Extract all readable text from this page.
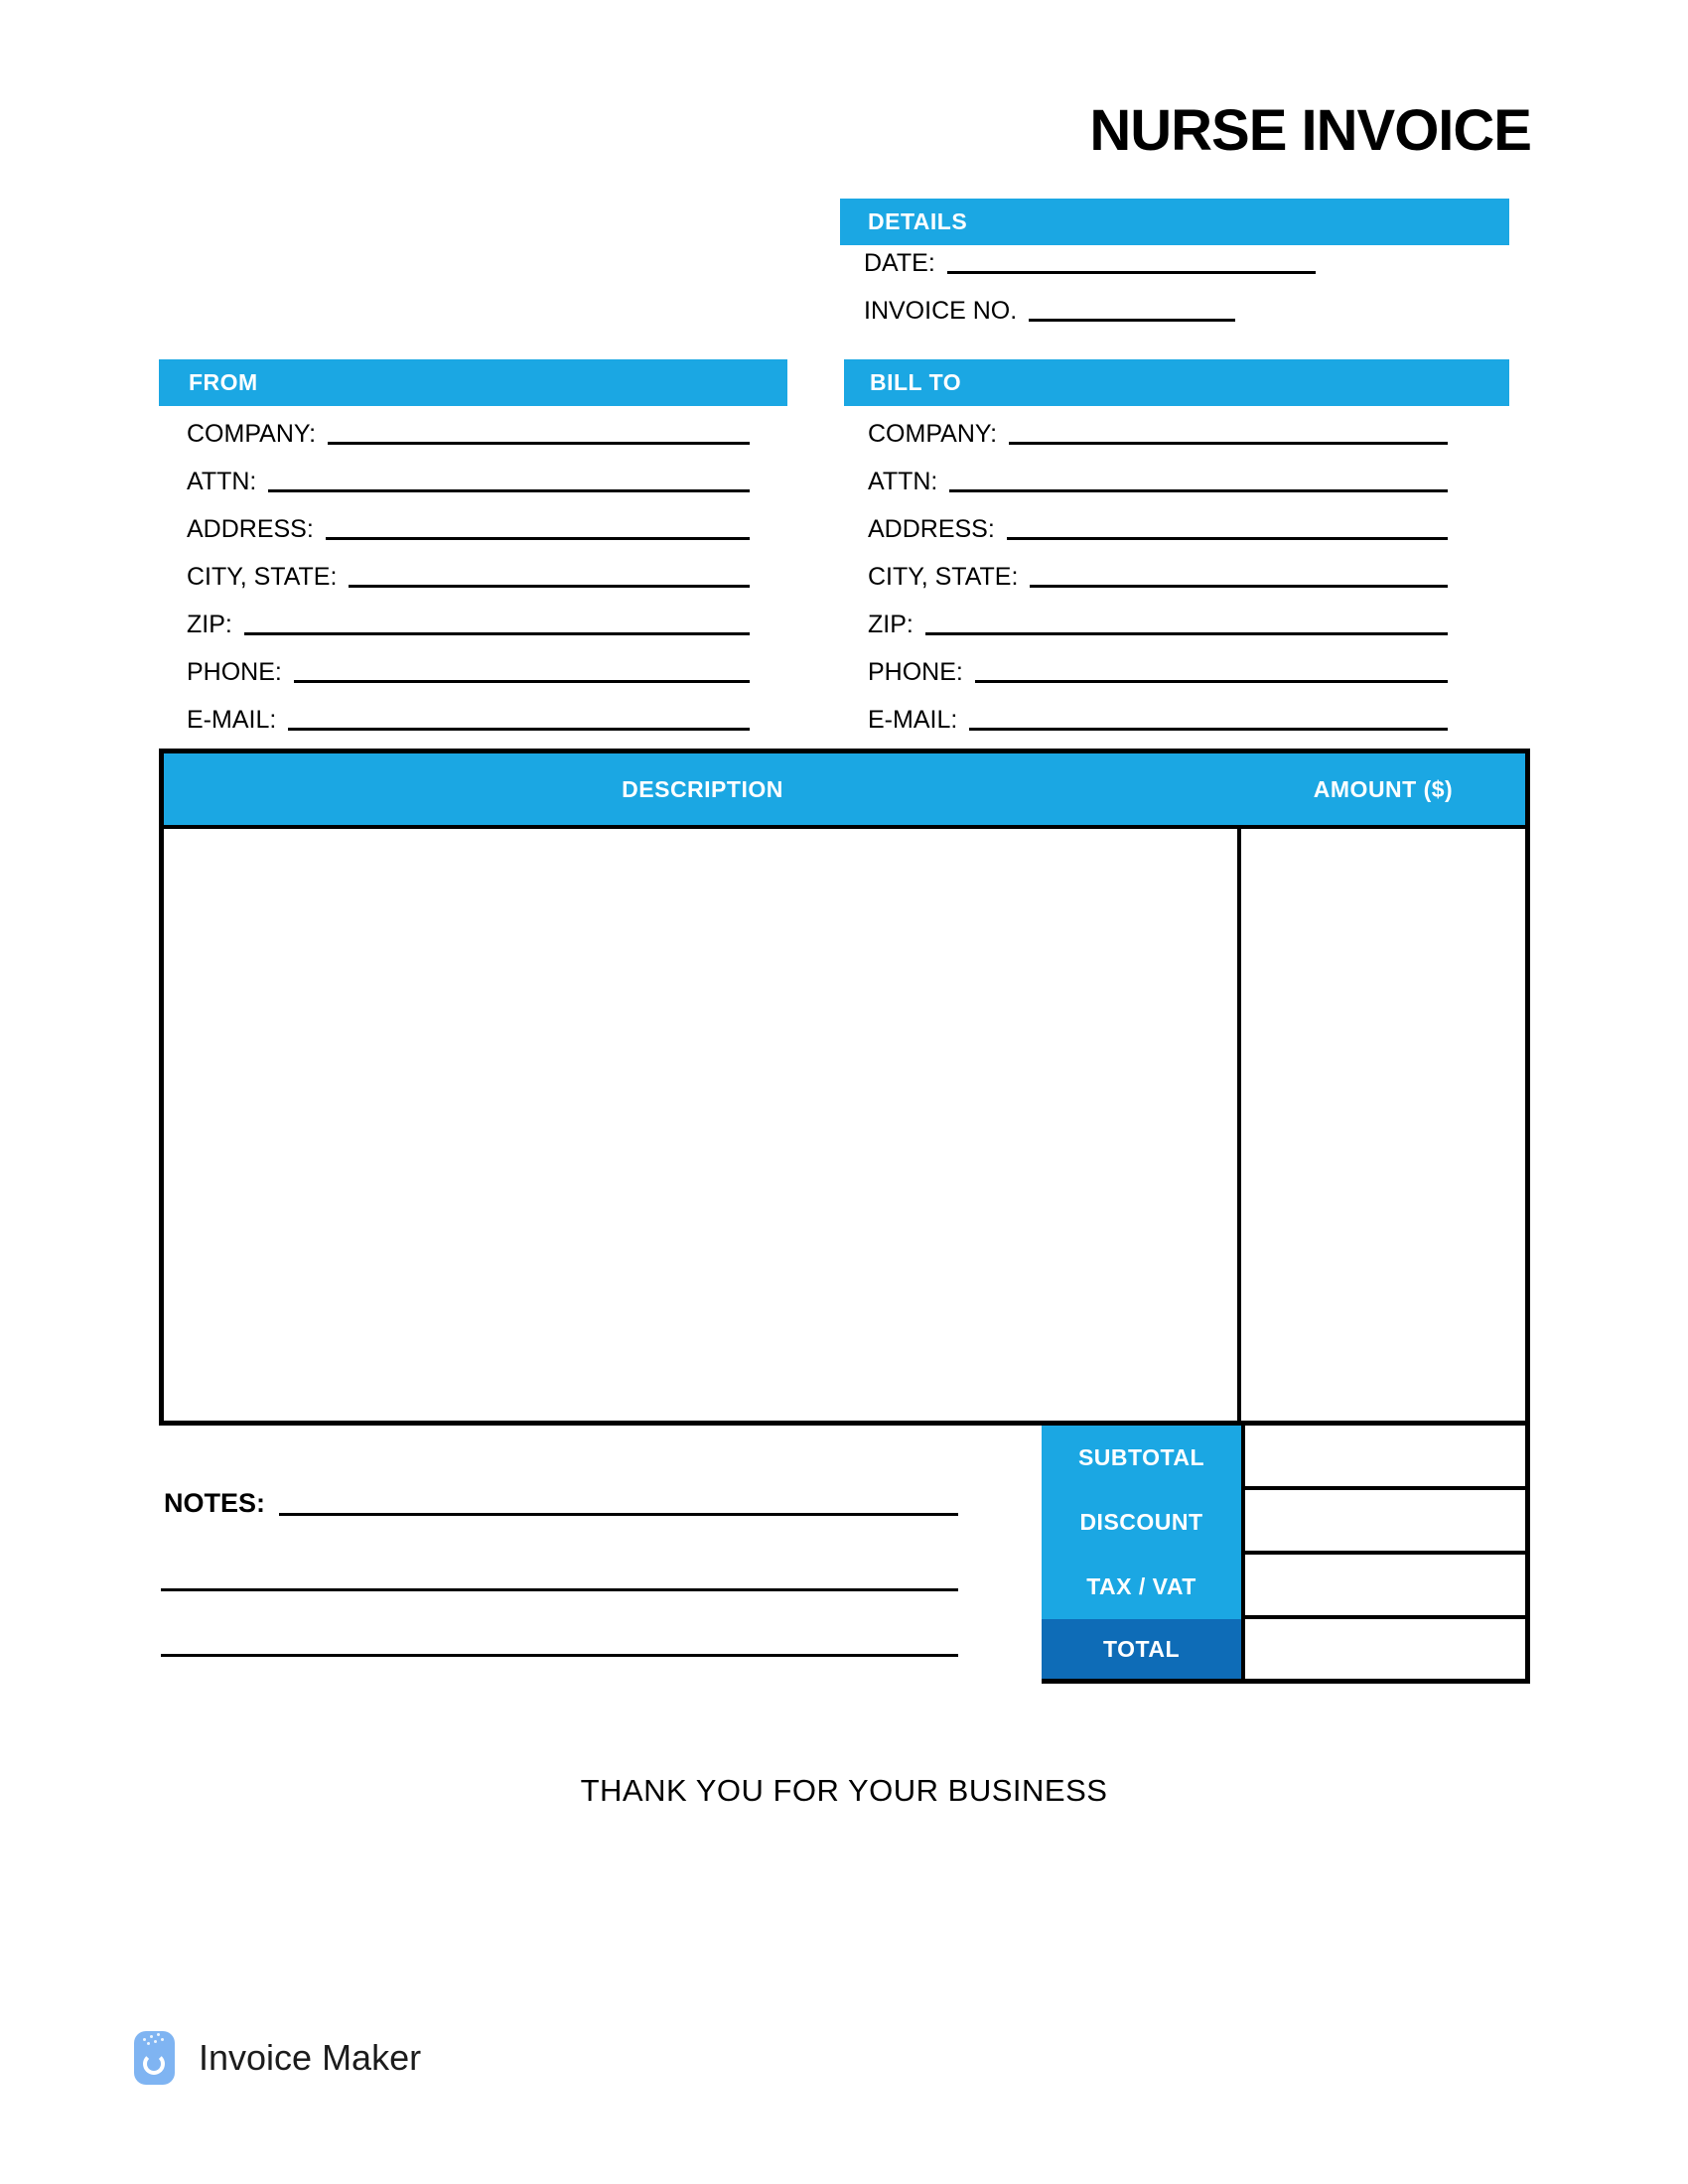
NURSE INVOICE
DETAILS
DATE:
INVOICE NO.
FROM
COMPANY:
ATTN:
ADDRESS:
CITY, STATE:
ZIP:
PHONE:
E-MAIL:
BILL TO
COMPANY:
ATTN:
ADDRESS:
CITY, STATE:
ZIP:
PHONE:
E-MAIL:
DESCRIPTION	AMOUNT ($)
SUBTOTAL
DISCOUNT
TAX / VAT
TOTAL
NOTES:
THANK YOU FOR YOUR BUSINESS
Invoice Maker
